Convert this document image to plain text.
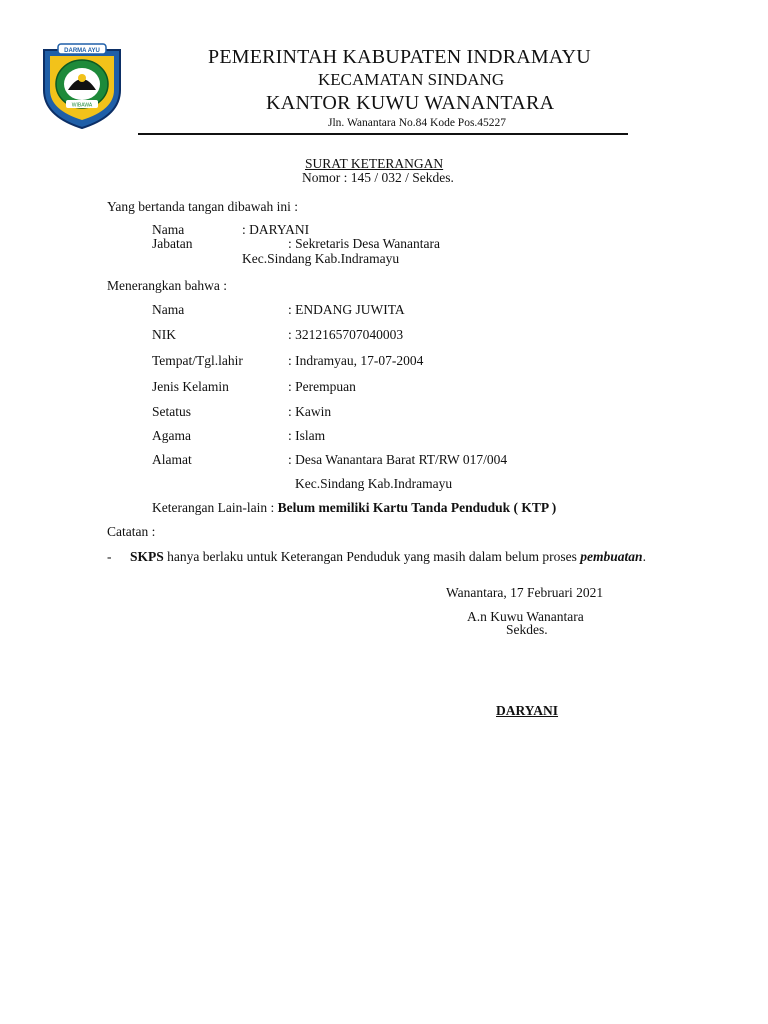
DARMA AYU
WIBAWA
PEMERINTAH KABUPATEN INDRAMAYU
KECAMATAN SINDANG
KANTOR KUWU WANANTARA
Jln. Wanantara No.84 Kode Pos.45227
SURAT KETERANGAN
Nomor : 145 / 032 / Sekdes.
Yang bertanda tangan dibawah ini :
Nama	: DARYANI
Jabatan	: Sekretaris Desa Wanantara
Kec.Sindang Kab.Indramayu
Menerangkan bahwa :
Nama	: ENDANG JUWITA
NIK	: 3212165707040003
Tempat/Tgl.lahir	: Indramyau, 17-07-2004
Jenis Kelamin	: Perempuan
Setatus	: Kawin
Agama	: Islam
Alamat	: Desa Wanantara Barat RT/RW 017/004
Kec.Sindang Kab.Indramayu
Keterangan Lain-lain : Belum memiliki Kartu Tanda Penduduk ( KTP )
Catatan :
- SKPS hanya berlaku untuk Keterangan Penduduk yang masih dalam belum proses pembuatan.
Wanantara, 17 Februari 2021
A.n Kuwu Wanantara
Sekdes.
DARYANI
